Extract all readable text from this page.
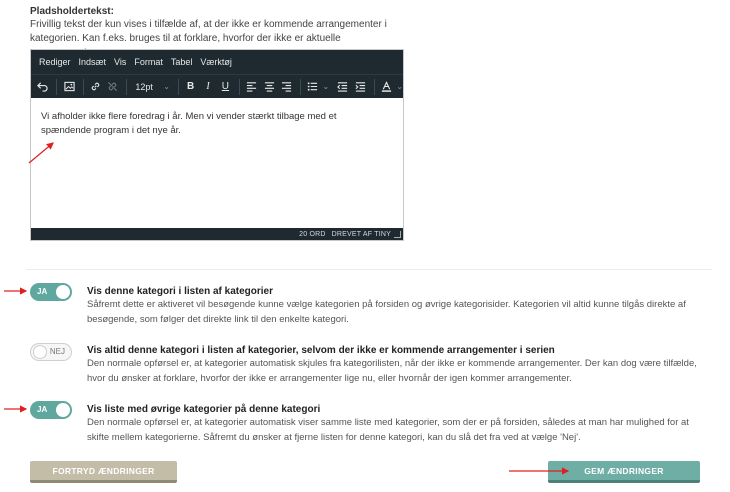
Pladsholdertekst:
Frivillig tekst der kun vises i tilfælde af, at der ikke er kommende arrangementer i kategorien. Kan f.eks. bruges til at forklare, hvorfor der ikke er aktuelle
Rediger Indsæt Vis Format Tabel Værktøj
12pt ⌄	B	I	U	⌄	⌄
Vi afholder ikke flere foredrag i år. Men vi vender stærkt tilbage med et spændende program i det nye år.
20 ORD DREVET AF TINY
JA	Vis denne kategori i listen af kategorier
Såfremt dette er aktiveret vil besøgende kunne vælge kategorien på forsiden og øvrige kategorisider. Kategorien vil altid kunne tilgås direkte af besøgende, som følger det direkte link til den enkelte kategori.
NEJ Vis altid denne kategori i listen af kategorier, selvom der ikke er kommende arrangementer i serien
Den normale opførsel er, at kategorier automatisk skjules fra kategorilisten, når der ikke er kommende arrangementer. Der kan dog være tilfælde, hvor du ønsker at forklare, hvorfor der ikke er arrangementer lige nu, eller hvornår der igen kommer arrangementer.
JA	Vis liste med øvrige kategorier på denne kategori
Den normale opførsel er, at kategorier automatisk viser samme liste med kategorier, som der er på forsiden, således at man har mulighed for at skifte mellem kategorierne. Såfremt du ønsker at fjerne listen for denne kategori, kan du slå det fra ved at vælge 'Nej'.
FORTRYD ÆNDRINGER	GEM ÆNDRINGER
